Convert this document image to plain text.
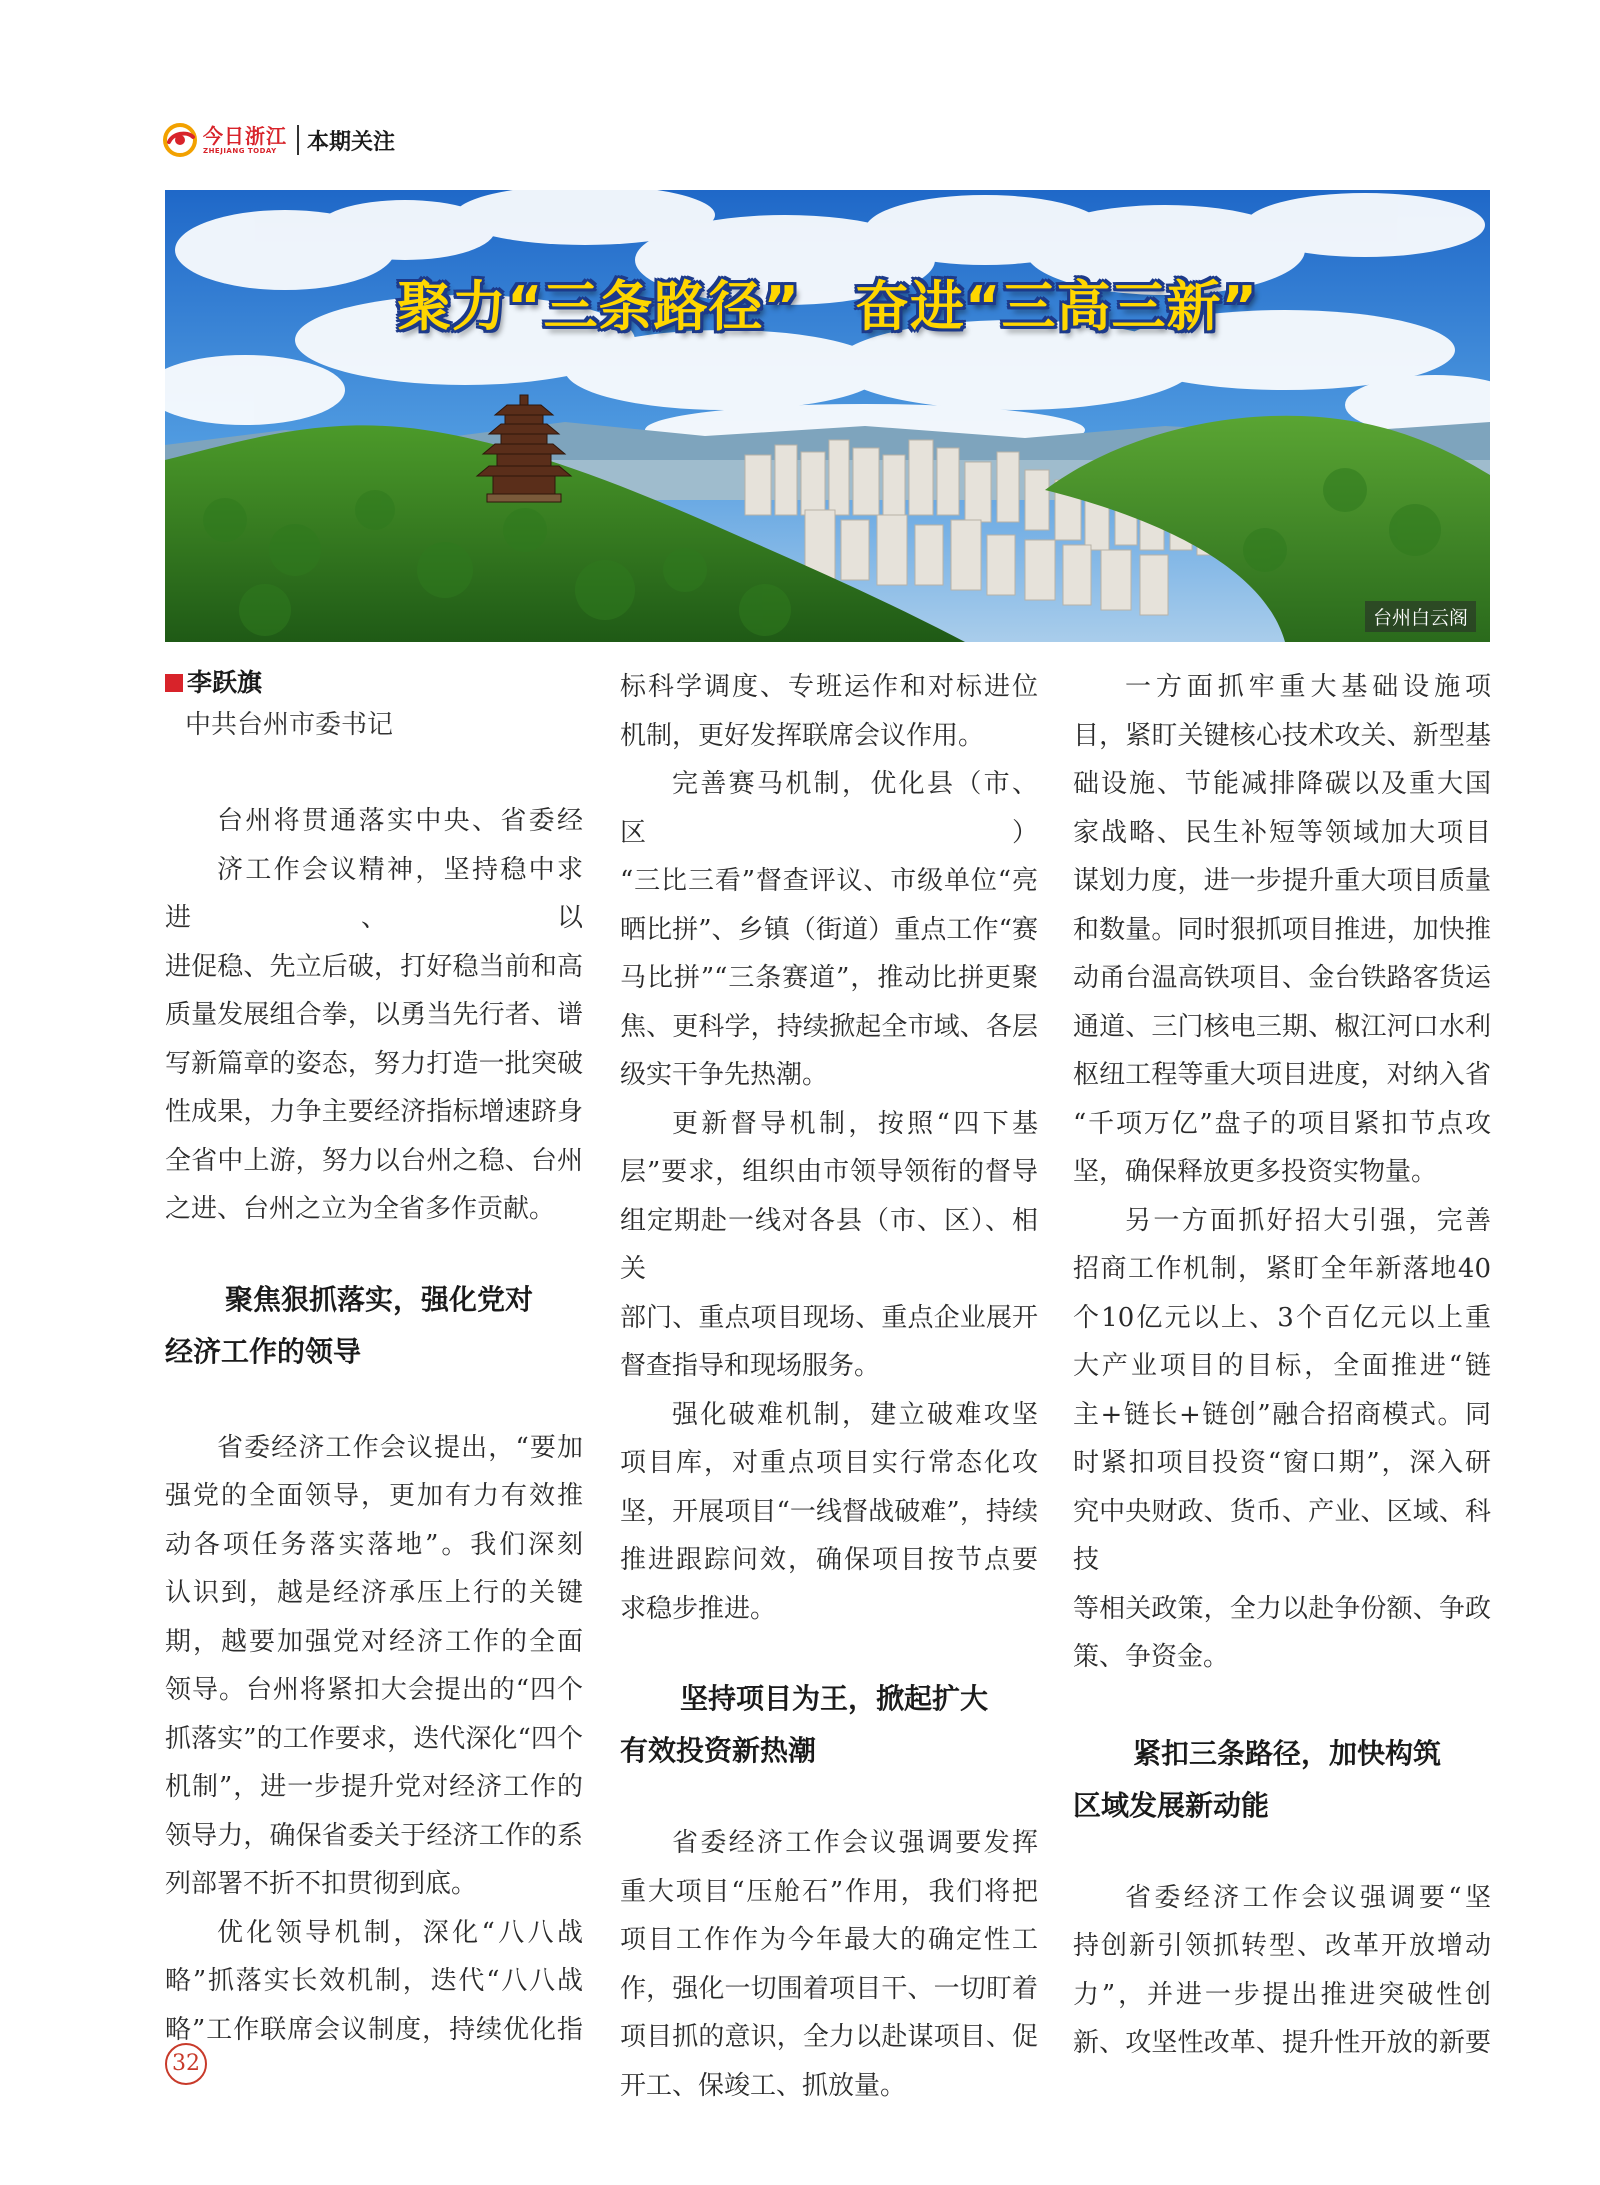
今日浙江
ZHEJIANG TODAY	本期关注
聚力“三条路径”　奋进“三高三新”
台州白云阁
李跃旗
中共台州市委书记

台州将贯通落实中央、省委经

济工作会议精神，坚持稳中求进、以

进促稳、先立后破，打好稳当前和高

质量发展组合拳，以勇当先行者、谱

写新篇章的姿态，努力打造一批突破

性成果，力争主要经济指标增速跻身

全省中上游，努力以台州之稳、台州

之进、台州之立为全省多作贡献。

聚焦狠抓落实，强化党对
经济工作的领导

省委经济工作会议提出，“要加

强党的全面领导，更加有力有效推

动各项任务落实落地”。我们深刻

认识到，越是经济承压上行的关键

期，越要加强党对经济工作的全面

领导。台州将紧扣大会提出的“四个

抓落实”的工作要求，迭代深化“四个

机制”，进一步提升党对经济工作的

领导力，确保省委关于经济工作的系

列部署不折不扣贯彻到底。

优化领导机制，深化“八八战

略”抓落实长效机制，迭代“八八战

略”工作联席会议制度，持续优化指

标科学调度、专班运作和对标进位

机制，更好发挥联席会议作用。

完善赛马机制，优化县（市、区）

“三比三看”督查评议、市级单位“亮

晒比拼”、乡镇（街道）重点工作“赛

马比拼”“三条赛道”，推动比拼更聚

焦、更科学，持续掀起全市域、各层

级实干争先热潮。

更新督导机制，按照“四下基

层”要求，组织由市领导领衔的督导

组定期赴一线对各县（市、区）、相关

部门、重点项目现场、重点企业展开

督查指导和现场服务。

强化破难机制，建立破难攻坚

项目库，对重点项目实行常态化攻

坚，开展项目“一线督战破难”，持续

推进跟踪问效，确保项目按节点要

求稳步推进。

坚持项目为王，掀起扩大
有效投资新热潮

省委经济工作会议强调要发挥

重大项目“压舱石”作用，我们将把

项目工作作为今年最大的确定性工

作，强化一切围着项目干、一切盯着

项目抓的意识，全力以赴谋项目、促

开工、保竣工、抓放量。

一方面抓牢重大基础设施项

目，紧盯关键核心技术攻关、新型基

础设施、节能减排降碳以及重大国

家战略、民生补短等领域加大项目

谋划力度，进一步提升重大项目质量

和数量。同时狠抓项目推进，加快推

动甬台温高铁项目、金台铁路客货运

通道、三门核电三期、椒江河口水利

枢纽工程等重大项目进度，对纳入省

“千项万亿”盘子的项目紧扣节点攻

坚，确保释放更多投资实物量。

另一方面抓好招大引强，完善

招商工作机制，紧盯全年新落地40

个10亿元以上、3个百亿元以上重

大产业项目的目标，全面推进“链

主+链长+链创”融合招商模式。同

时紧扣项目投资“窗口期”，深入研

究中央财政、货币、产业、区域、科技

等相关政策，全力以赴争份额、争政

策、争资金。

紧扣三条路径，加快构筑
区域发展新动能

省委经济工作会议强调要“坚

持创新引领抓转型、改革开放增动

力”，并进一步提出推进突破性创

新、攻坚性改革、提升性开放的新要

32
